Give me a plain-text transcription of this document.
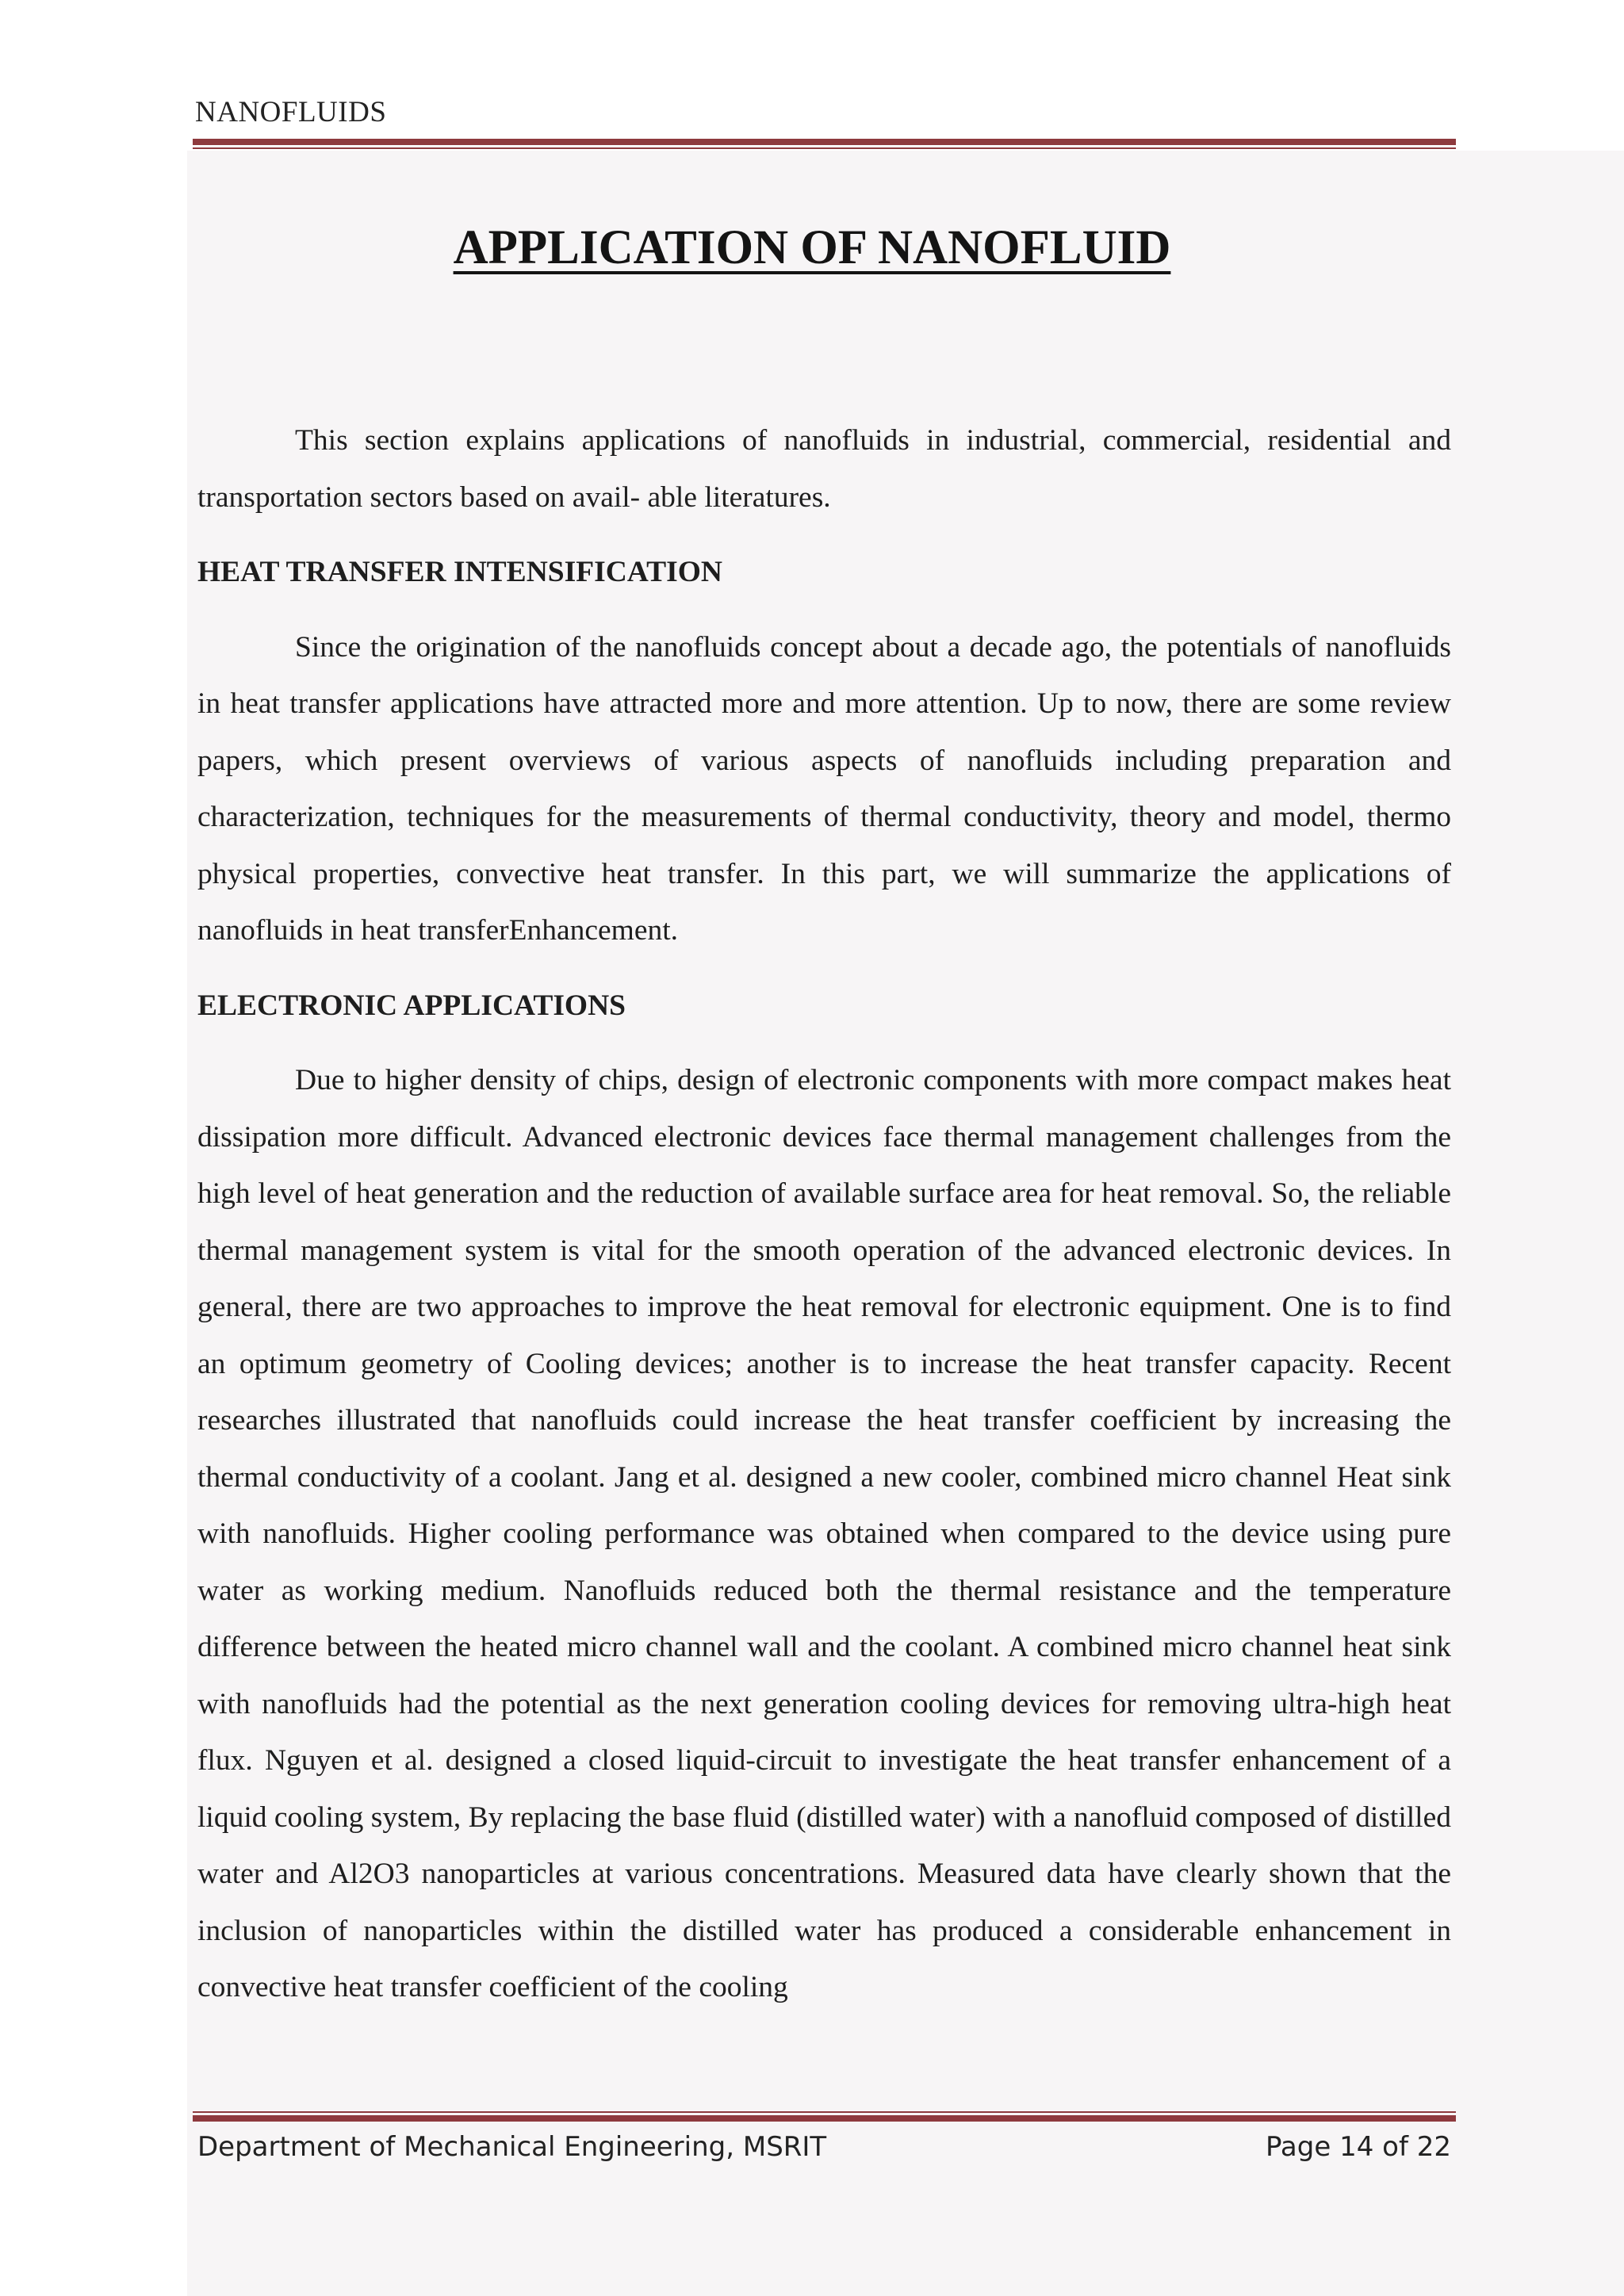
NANOFLUIDS
APPLICATION OF NANOFLUID

This section explains applications of nanofluids in industrial, commercial, residential and transportation sectors based on avail- able literatures.

HEAT TRANSFER INTENSIFICATION

Since the origination of the nanofluids concept about a decade ago, the potentials of nanofluids in heat transfer applications have attracted more and more attention. Up to now, there are some review papers, which present overviews of various aspects of nanofluids including preparation and characterization, techniques for the measurements of thermal conductivity, theory and model, thermo physical properties, convective heat transfer. In this part, we will summarize the applications of nanofluids in heat transferEnhancement.

ELECTRONIC APPLICATIONS

Due to higher density of chips, design of electronic components with more compact makes heat dissipation more difficult. Advanced electronic devices face thermal management challenges from the high level of heat generation and the reduction of available surface area for heat removal. So, the reliable thermal management system is vital for the smooth operation of the advanced electronic devices. In general, there are two approaches to improve the heat removal for electronic equipment. One is to find an optimum geometry of Cooling devices; another is to increase the heat transfer capacity. Recent researches illustrated that nanofluids could increase the heat transfer coefficient by increasing the thermal conductivity of a coolant. Jang et al. designed a new cooler, combined micro channel Heat sink with nanofluids. Higher cooling performance was obtained when compared to the device using pure water as working medium. Nanofluids reduced both the thermal resistance and the temperature difference between the heated micro channel wall and the coolant. A combined micro channel heat sink with nanofluids had the potential as the next generation cooling devices for removing ultra-high heat flux. Nguyen et al. designed a closed liquid-circuit to investigate the heat transfer enhancement of a liquid cooling system, By replacing the base fluid (distilled water) with a nanofluid composed of distilled water and Al2O3 nanoparticles at various concentrations. Measured data have clearly shown that the inclusion of nanoparticles within the distilled water has produced a considerable enhancement in convective heat transfer coefficient of the cooling

Department of Mechanical Engineering, MSRIT	Page 14 of 22
